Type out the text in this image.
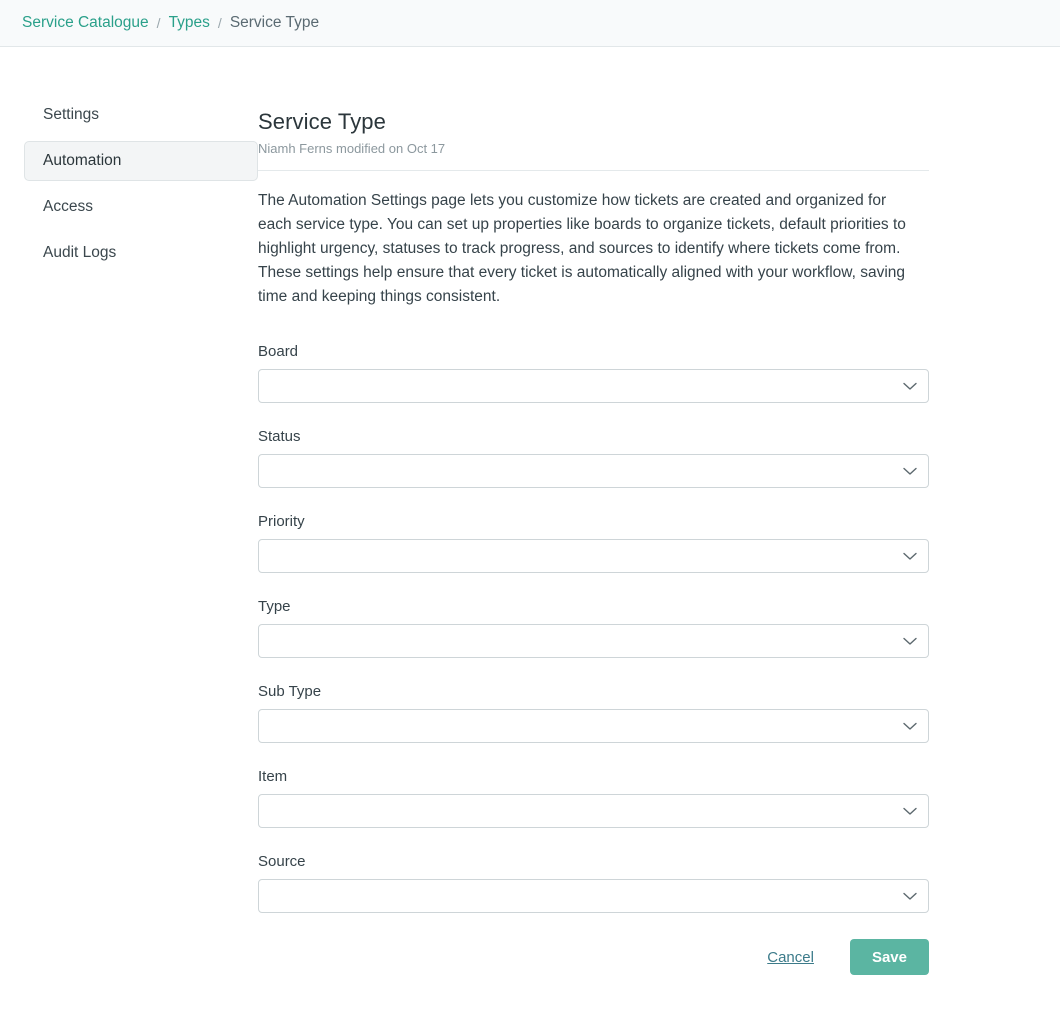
Service Catalogue / Types / Service Type
Settings
Automation
Access
Audit Logs
Service Type
Niamh Ferns modified on Oct 17

The Automation Settings page lets you customize how tickets are created and organized for each service type. You can set up properties like boards to organize tickets, default priorities to highlight urgency, statuses to track progress, and sources to identify where tickets come from. These settings help ensure that every ticket is automatically aligned with your workflow, saving time and keeping things consistent.

Board
Status
Priority
Type
Sub Type
Item
Source
Cancel	Save
